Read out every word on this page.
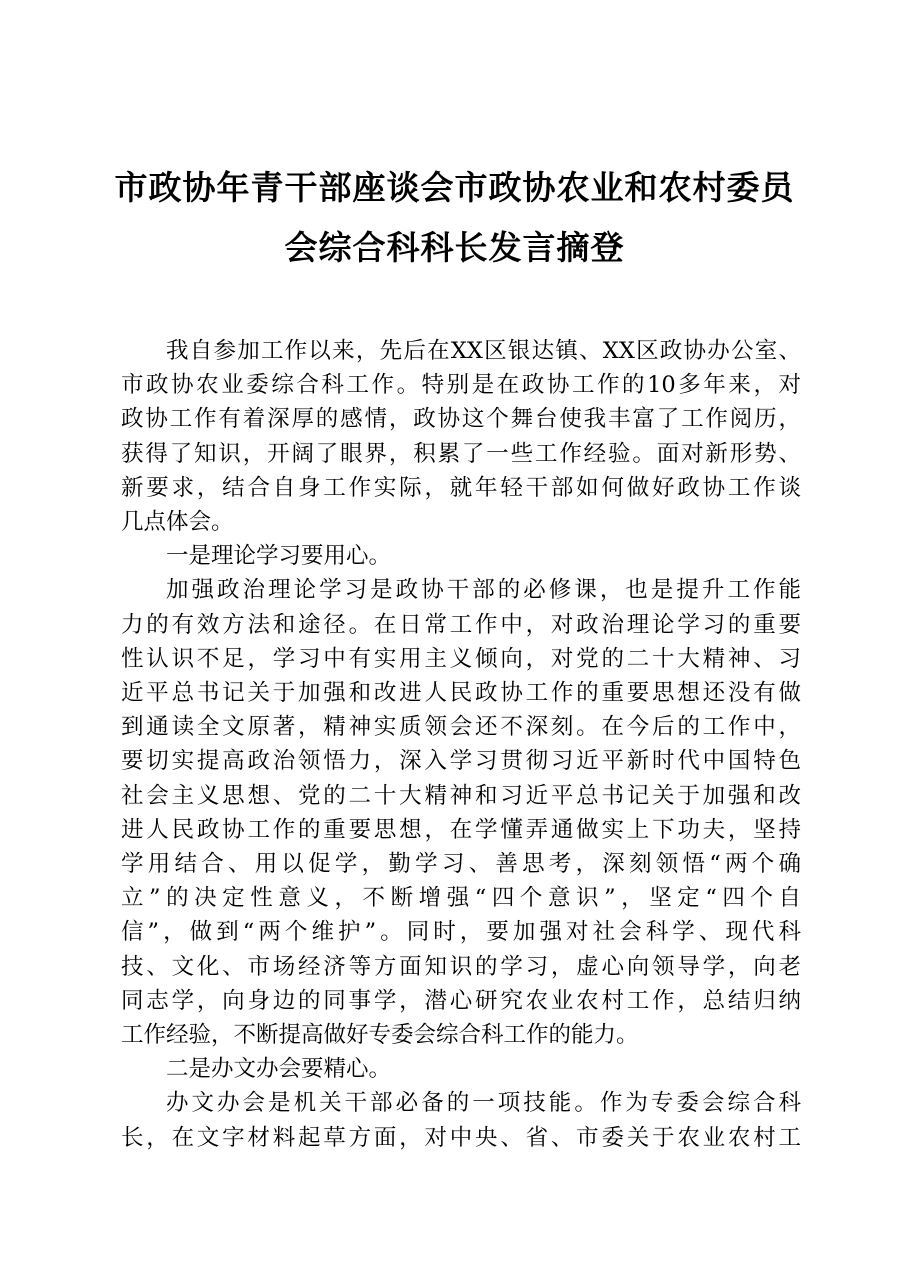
市政协年青干部座谈会市政协农业和农村委员
会综合科科长发言摘登

我自参加工作以来，先后在XX区银达镇、XX区政协办公室、
市政协农业委综合科工作。特别是在政协工作的10多年来，对
政协工作有着深厚的感情，政协这个舞台使我丰富了工作阅历，
获得了知识，开阔了眼界，积累了一些工作经验。面对新形势、
新要求，结合自身工作实际，就年轻干部如何做好政协工作谈
几点体会。

一是理论学习要用心。

加强政治理论学习是政协干部的必修课，也是提升工作能
力的有效方法和途径。在日常工作中，对政治理论学习的重要
性认识不足，学习中有实用主义倾向，对党的二十大精神、习
近平总书记关于加强和改进人民政协工作的重要思想还没有做
到通读全文原著，精神实质领会还不深刻。在今后的工作中，
要切实提高政治领悟力，深入学习贯彻习近平新时代中国特色
社会主义思想、党的二十大精神和习近平总书记关于加强和改
进人民政协工作的重要思想，在学懂弄通做实上下功夫，坚持
学用结合、用以促学，勤学习、善思考，深刻领悟“两个确
立”的决定性意义，不断增强“四个意识”，坚定“四个自
信”，做到“两个维护”。同时，要加强对社会科学、现代科
技、文化、市场经济等方面知识的学习，虚心向领导学，向老
同志学，向身边的同事学，潜心研究农业农村工作，总结归纳
工作经验，不断提高做好专委会综合科工作的能力。

二是办文办会要精心。

办文办会是机关干部必备的一项技能。作为专委会综合科
长，在文字材料起草方面，对中央、省、市委关于农业农村工
